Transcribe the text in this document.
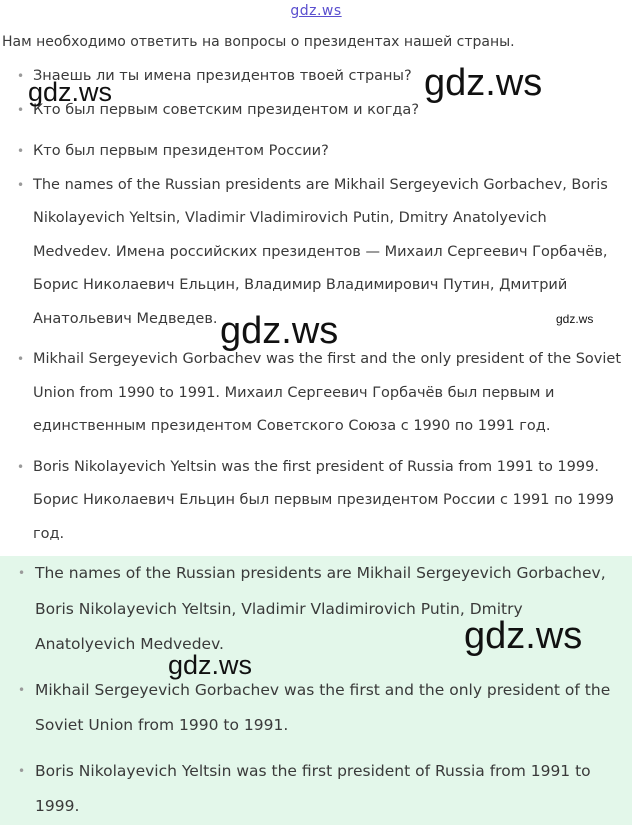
gdz.ws
Нам необходимо ответить на вопросы о президентах нашей страны.
• Знаешь ли ты имена президентов твоей страны?
• Кто был первым советским президентом и когда?
• Кто был первым президентом России?
• The names of the Russian presidents are Mikhail Sergeyevich Gorbachev, Boris Nikolayevich Yeltsin, Vladimir Vladimirovich Putin, Dmitry Anatolyevich Medvedev. Имена российских президентов — Михаил Сергеевич Горбачёв, Борис Николаевич Ельцин, Владимир Владимирович Путин, Дмитрий Анатольевич Медведев.
• Mikhail Sergeyevich Gorbachev was the first and the only president of the Soviet Union from 1990 to 1991. Михаил Сергеевич Горбачёв был первым и единственным президентом Советского Союза с 1990 по 1991 год.
• Boris Nikolayevich Yeltsin was the first president of Russia from 1991 to 1999. Борис Николаевич Ельцин был первым президентом России с 1991 по 1999 год.
• The names of the Russian presidents are Mikhail Sergeyevich Gorbachev, Boris Nikolayevich Yeltsin, Vladimir Vladimirovich Putin, Dmitry Anatolyevich Medvedev.
• Mikhail Sergeyevich Gorbachev was the first and the only president of the Soviet Union from 1990 to 1991.
• Boris Nikolayevich Yeltsin was the first president of Russia from 1991 to 1999.
gdz.ws	gdz.ws
gdz.ws	gdz.ws
gdz.ws
gdz.ws
